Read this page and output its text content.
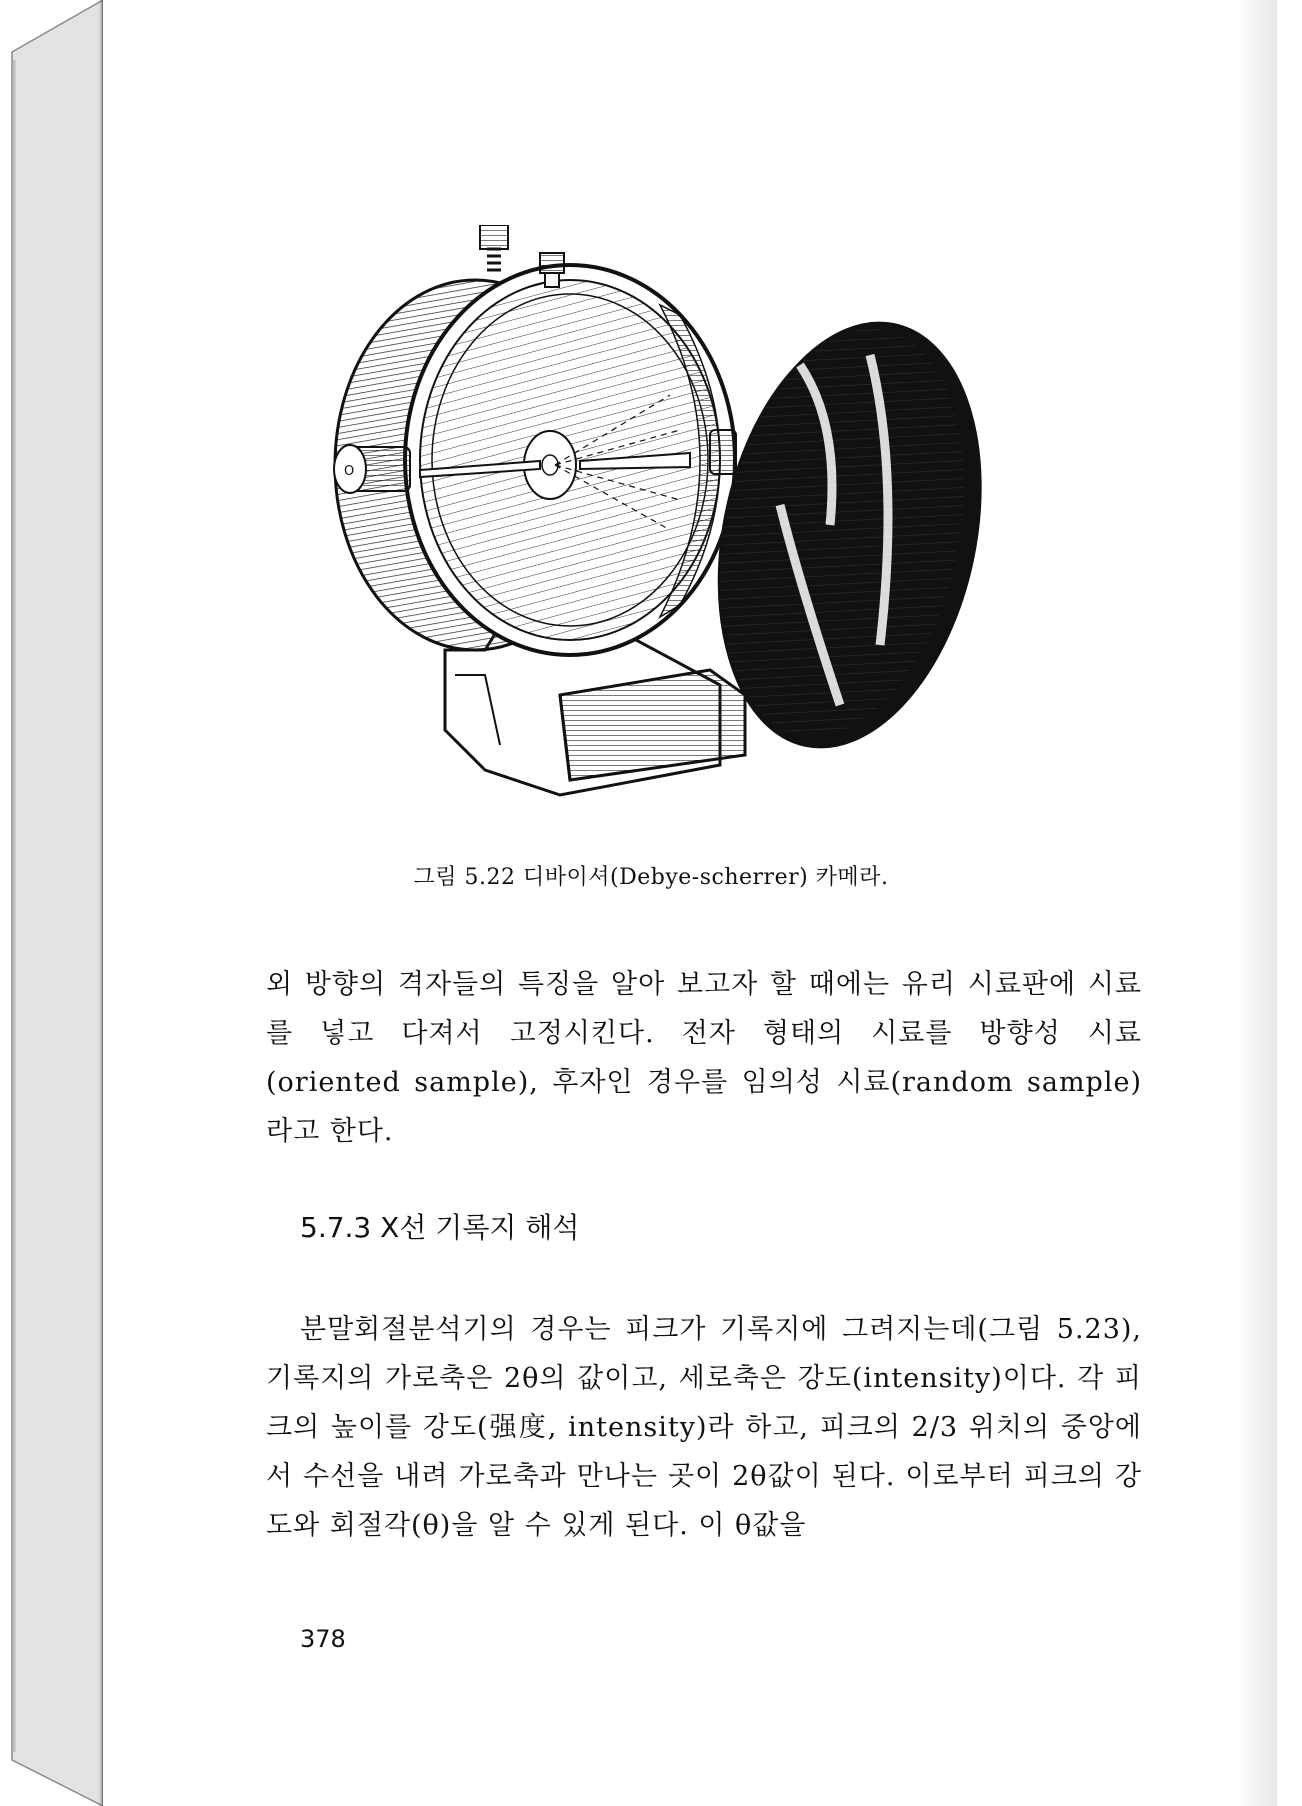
O
그림 5.22 디바이셔(Debye-scherrer) 카메라.

외 방향의 격자들의 특징을 알아 보고자 할 때에는 유리 시료판에 시료를 넣고 다져서 고정시킨다. 전자 형태의 시료를 방향성 시료 (oriented sample), 후자인 경우를 임의성 시료(random sample)라고 한다.

5.7.3 X선 기록지 해석

분말회절분석기의 경우는 피크가 기록지에 그려지는데(그림 5.23), 기록지의 가로축은 2θ의 값이고, 세로축은 강도(intensity)이다. 각 피크의 높이를 강도(强度, intensity)라 하고, 피크의 2/3 위치의 중앙에서 수선을 내려 가로축과 만나는 곳이 2θ값이 된다. 이로부터 피크의 강도와 회절각(θ)을 알 수 있게 된다. 이 θ값을

378
